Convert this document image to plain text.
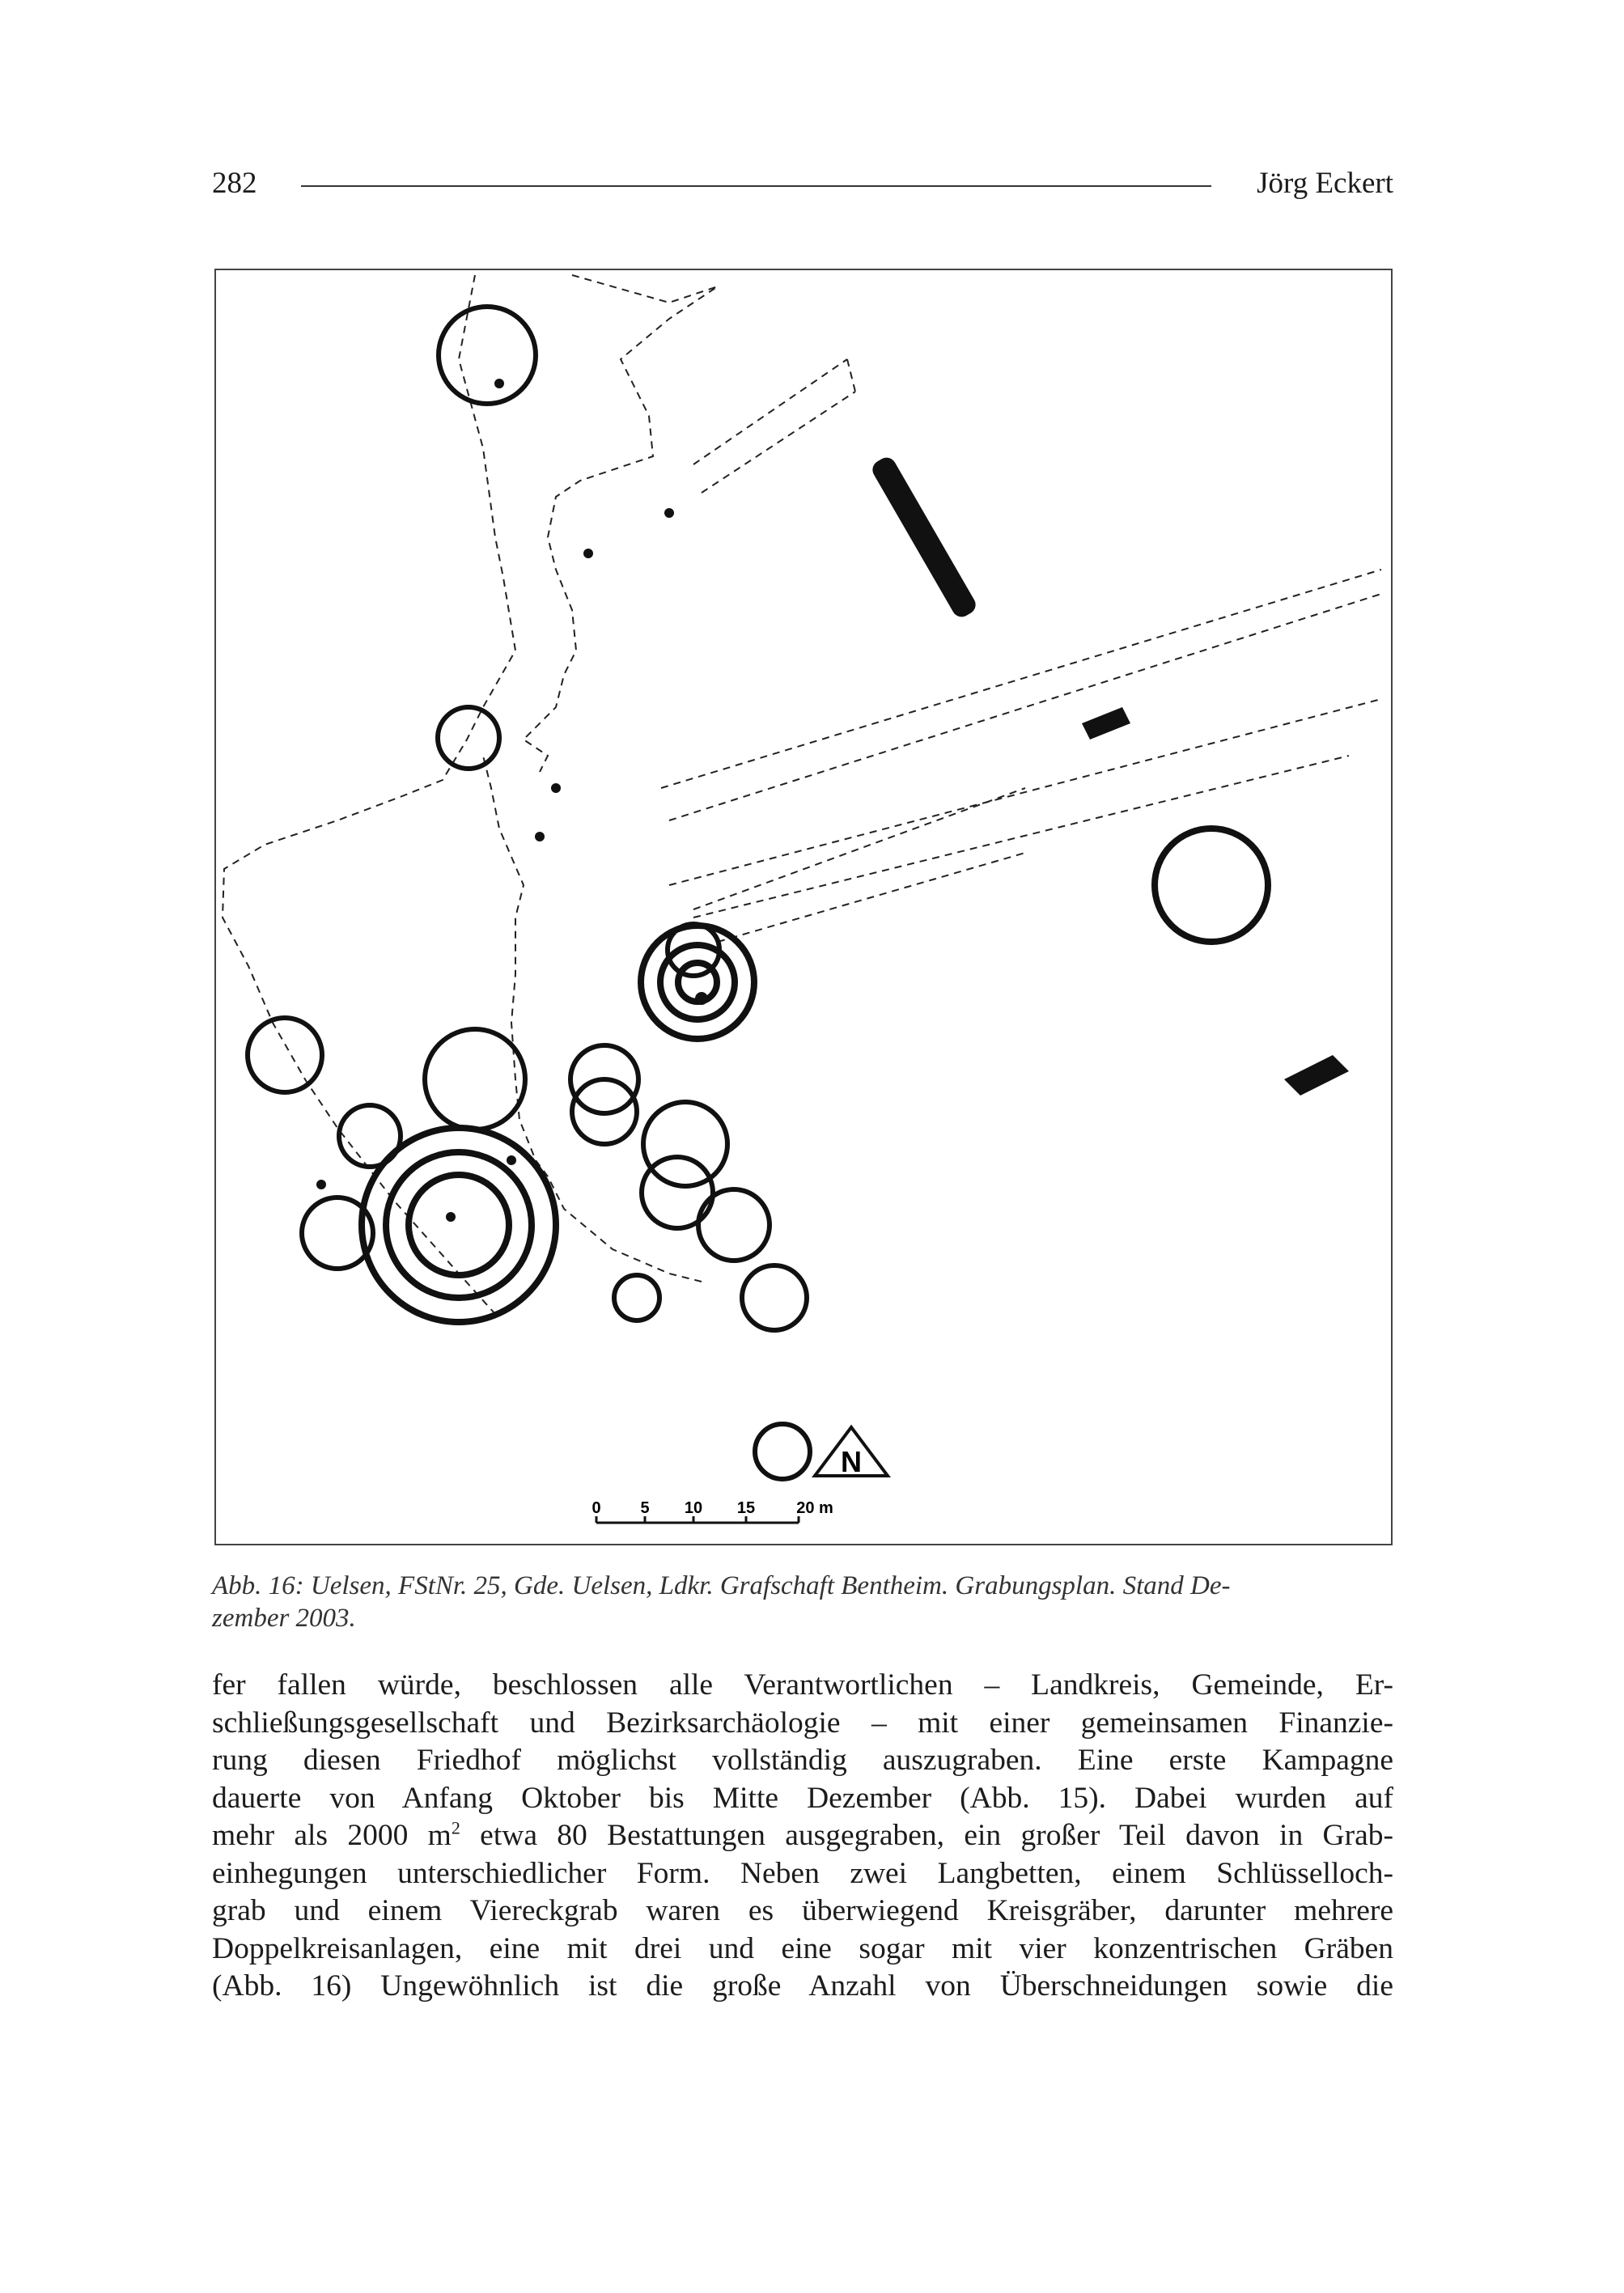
282	Jörg Eckert
N
0 5 10 15	20 m
Abb. 16: Uelsen, FStNr. 25, Gde. Uelsen, Ldkr. Grafschaft Bentheim. Grabungsplan. Stand De-
zember 2003.
fer fallen würde, beschlossen alle Verantwortlichen – Landkreis, Gemeinde, Er-
schließungsgesellschaft und Bezirksarchäologie – mit einer gemeinsamen Finanzie-
rung diesen Friedhof möglichst vollständig auszugraben. Eine erste Kampagne
dauerte von Anfang Oktober bis Mitte Dezember (Abb. 15). Dabei wurden auf
mehr als 2000 $m^2$ etwa 80 Bestattungen ausgegraben, ein großer Teil davon in Grab-
einhegungen unterschiedlicher Form. Neben zwei Langbetten, einem Schlüsselloch-
grab und einem Viereckgrab waren es überwiegend Kreisgräber, darunter mehrere
Doppelkreisanlagen, eine mit drei und eine sogar mit vier konzentrischen Gräben
(Abb. 16) Ungewöhnlich ist die große Anzahl von Überschneidungen sowie die
